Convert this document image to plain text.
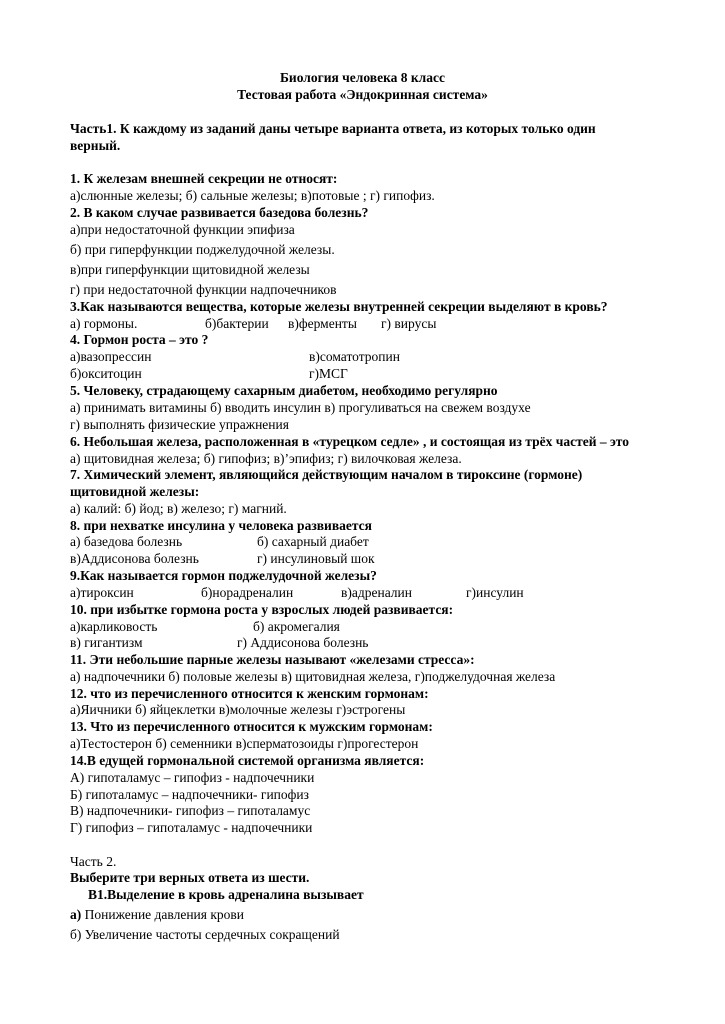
Биология человека 8 класс
Тестовая работа «Эндокринная система»
Часть1. К каждому из заданий даны четыре варианта ответа, из которых только один
верный.
1. К железам внешней секреции не относят:
а)слюнные железы; б) сальные железы; в)потовые ; г) гипофиз.
2. В каком случае развивается базедова болезнь?
а)при недостаточной функции эпифиза
б) при гиперфункции поджелудочной железы.
в)при гиперфункции щитовидной железы
г) при недостаточной функции надпочечников
3.Как называются вещества, которые железы внутренней секреции выделяют в кровь?
а) гормоны.	б)бактерии в)ферменты г) вирусы
4. Гормон роста – это ?
а)вазопрессин	в)соматотропин
б)окситоцин	г)МСГ
5. Человеку, страдающему сахарным диабетом, необходимо регулярно
а) принимать витамины б) вводить инсулин в) прогуливаться на свежем воздухе
г) выполнять физические упражнения
6. Небольшая железа, расположенная в «турецком седле» , и состоящая из трёх частей – это
а) щитовидная железа; б) гипофиз; в)’эпифиз; г) вилочковая железа.
7. Химический элемент, являющийся действующим началом в тироксине (гормоне)
щитовидной железы:
а) калий: б) йод; в) железо; г) магний.
8. при нехватке инсулина у человека развивается
а) базедова болезнь	б) сахарный диабет
в)Аддисонова болезнь	г) инсулиновый шок
9.Как называется гормон поджелудочной железы?
а)тироксин	б)норадреналин	в)адреналин	г)инсулин
10. при избытке гормона роста у взрослых людей развивается:
а)карликовость	б) акромегалия
в) гигантизм	г) Аддисонова болезнь
11. Эти небольшие парные железы называют «железами стресса»:
а) надпочечники б) половые железы в) щитовидная железа, г)поджелудочная железа
12. что из перечисленного относится к женским гормонам:
а)Яичники б) яйцеклетки в)молочные железы г)эстрогены
13. Что из перечисленного относится к мужским гормонам:
а)Тестостерон б) семенники в)сперматозоиды г)прогестерон
14.В едущей гормональной системой организма является:
А) гипоталамус – гипофиз - надпочечники
Б) гипоталамус – надпочечники- гипофиз
В) надпочечники- гипофиз – гипоталамус
Г) гипофиз – гипоталамус - надпочечники
Часть 2.
Выберите три верных ответа из шести.
В1.Выделение в кровь адреналина вызывает
а) Понижение давления крови
б) Увеличение частоты сердечных сокращений
